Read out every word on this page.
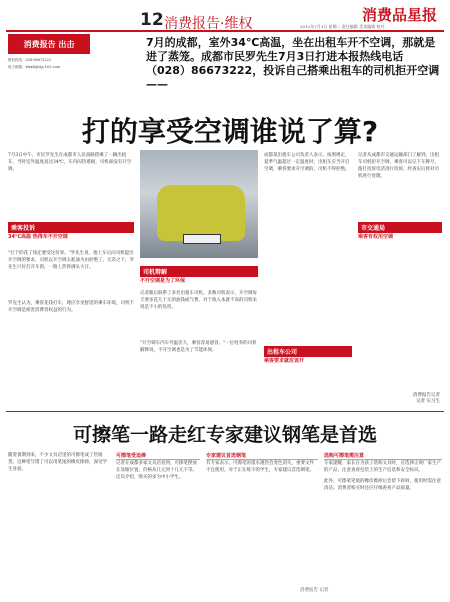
12 消费报告·维权	消费品星报
2012年7月3日 星期二 责任编辑 美术编辑 校对
消费报告 出击
维权热线：028-86673222
电子邮箱：xfzxb@vip.163.com
7月的成都，室外34℃高温，坐在出租车开不空调，那就是进了蒸笼。成都市民罗先生7月3日打进本报热线电话（028）86673222，投诉自己搭乘出租车的司机拒开空调——
打的享受空调谁说了算?
7月3日中午，市民罗先生在成都市人民南路搭乘了一辆出租车，当时室外温度高达34℃，车内闷热难耐，司机却没有开空调。
乘客投诉
34℃高温 热得车不开空调
"打个的花了钱还要受这份罪。"罗先生说，他上车后向司机提出开空调的要求，司机以开空调太耗油为由拒绝了。无奈之下，罗先生只好打开车窗，一路上热得满头大汗。
罗先生认为，乘客花钱打车，理应享受舒适的乘车环境，司机不开空调是损害消费者权益的行为。
司机辩解
不开空调是为了环保
记者随后联系了多名出租车司机。多数司机表示，开空调每天要多花几十元的油钱或气费，对于收入本就不高的司机来说是不小的负担。
"开空调车内车外温差大，乘客容易感冒。"一位姓李的司机解释说，不开空调也是为了节能环保。
成都某出租车公司负责人表示，按照规定，夏季气温超过一定温度时，出租车应当开启空调，乘客要求开空调的，司机不得拒绝。
出租车公司
乘客要求就应该开
记者从成都市交通运输部门了解到，出租车司机拒开空调，乘客可以记下车牌号，拨打投诉电话进行投诉，经查实后将对司机进行处理。
市交通局
乘客有权用空调
消费报告记者
记者 实习生
可擦笔一路走红专家建议钢笔是首选
随着暑期到来，不少文具店里的可擦笔成了热销货。这种笔写错了可以用笔尾的橡皮擦掉，深受学生喜爱。
可擦笔受追捧
记者在成都多家文具店看到，可擦笔摆放在显眼位置，价格从几元到十几元不等。店员介绍，购买的多为中小学生。
专家建议首选钢笔
有专家表示，可擦笔的墨水遇热会变色消失，重要文件不宜使用。对于正在练字的学生，专家建议首选钢笔。
选购可擦笔需注意
专家提醒，家长在为孩子选购文具时，应选择正规厂家生产的产品，注意查看包装上的生产信息和安全标识。
此外，可擦笔笔尾的橡皮擦掉后会留下碎屑，使用时需注意清洁。消费者购买时还应仔细查看产品质量。
消费报告 记者
